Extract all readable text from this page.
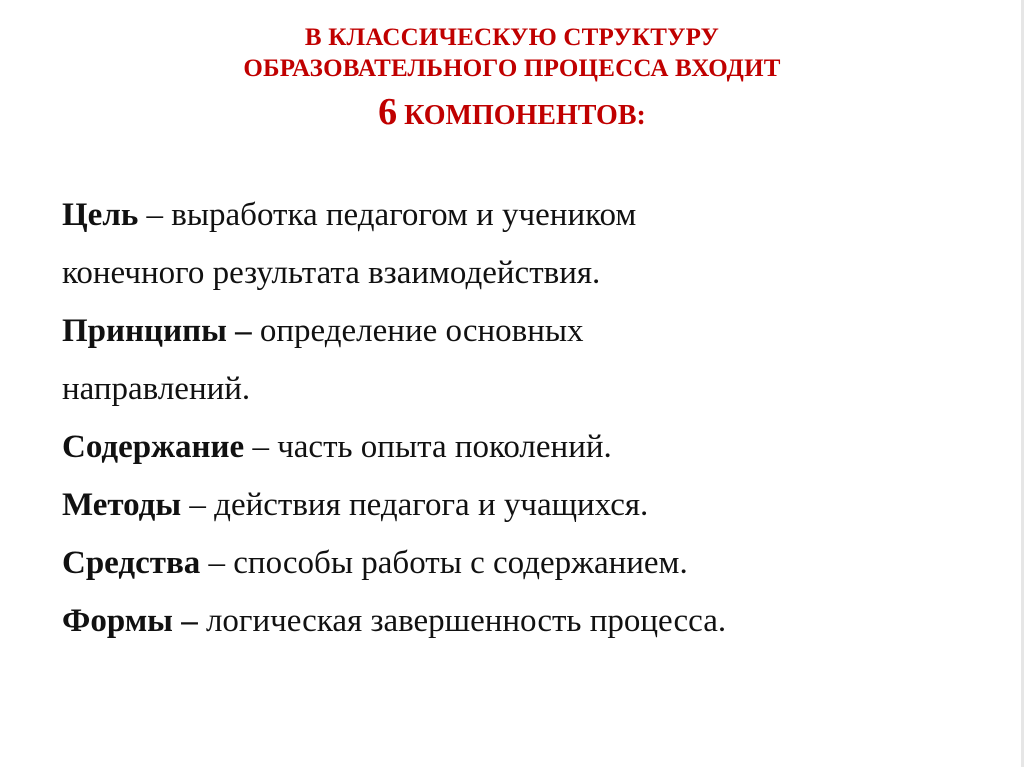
В КЛАССИЧЕСКУЮ СТРУКТУРУ
ОБРАЗОВАТЕЛЬНОГО ПРОЦЕССА ВХОДИТ
6 КОМПОНЕНТОВ:
Цель – выработка педагогом и учеником
конечного результата взаимодействия.
Принципы – определение основных
направлений.
Содержание – часть опыта поколений.
Методы – действия педагога и учащихся.
Средства – способы работы с содержанием.
Формы – логическая завершенность процесса.
